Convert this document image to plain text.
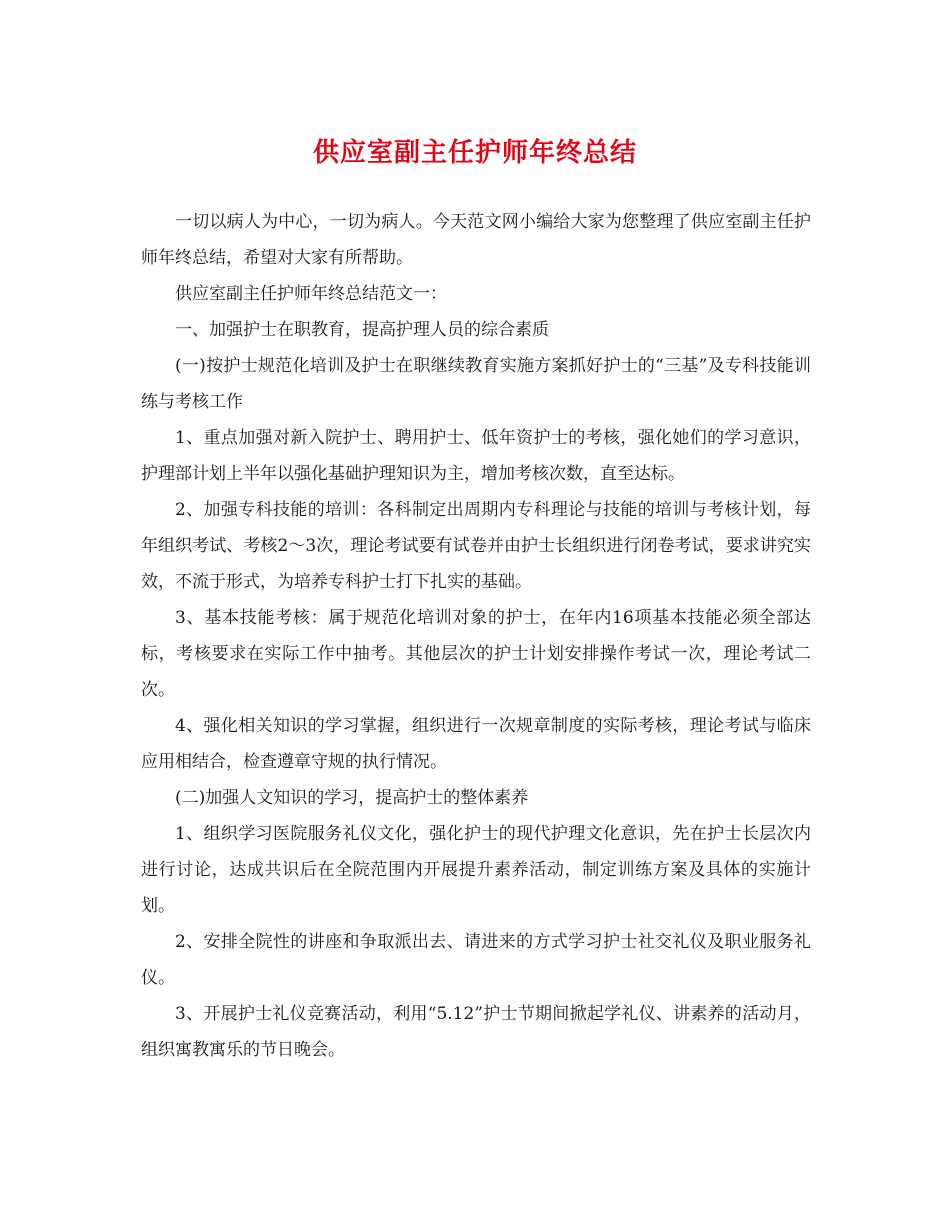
供应室副主任护师年终总结

一切以病人为中心，一切为病人。今天范文网小编给大家为您整理了供应室副主任护师年终总结，希望对大家有所帮助。

供应室副主任护师年终总结范文一：

一、加强护士在职教育，提高护理人员的综合素质

(一)按护士规范化培训及护士在职继续教育实施方案抓好护士的“三基”及专科技能训练与考核工作

1、重点加强对新入院护士、聘用护士、低年资护士的考核，强化她们的学习意识，护理部计划上半年以强化基础护理知识为主，增加考核次数，直至达标。

2、加强专科技能的培训：各科制定出周期内专科理论与技能的培训与考核计划，每年组织考试、考核2～3次，理论考试要有试卷并由护士长组织进行闭卷考试，要求讲究实效，不流于形式，为培养专科护士打下扎实的基础。

3、基本技能考核：属于规范化培训对象的护士，在年内16项基本技能必须全部达标，考核要求在实际工作中抽考。其他层次的护士计划安排操作考试一次，理论考试二次。

4、强化相关知识的学习掌握，组织进行一次规章制度的实际考核，理论考试与临床应用相结合，检查遵章守规的执行情况。

(二)加强人文知识的学习，提高护士的整体素养

1、组织学习医院服务礼仪文化，强化护士的现代护理文化意识，先在护士长层次内进行讨论，达成共识后在全院范围内开展提升素养活动，制定训练方案及具体的实施计划。

2、安排全院性的讲座和争取派出去、请进来的方式学习护士社交礼仪及职业服务礼仪。

3、开展护士礼仪竞赛活动，利用“5.12”护士节期间掀起学礼仪、讲素养的活动月，组织寓教寓乐的节日晚会。
